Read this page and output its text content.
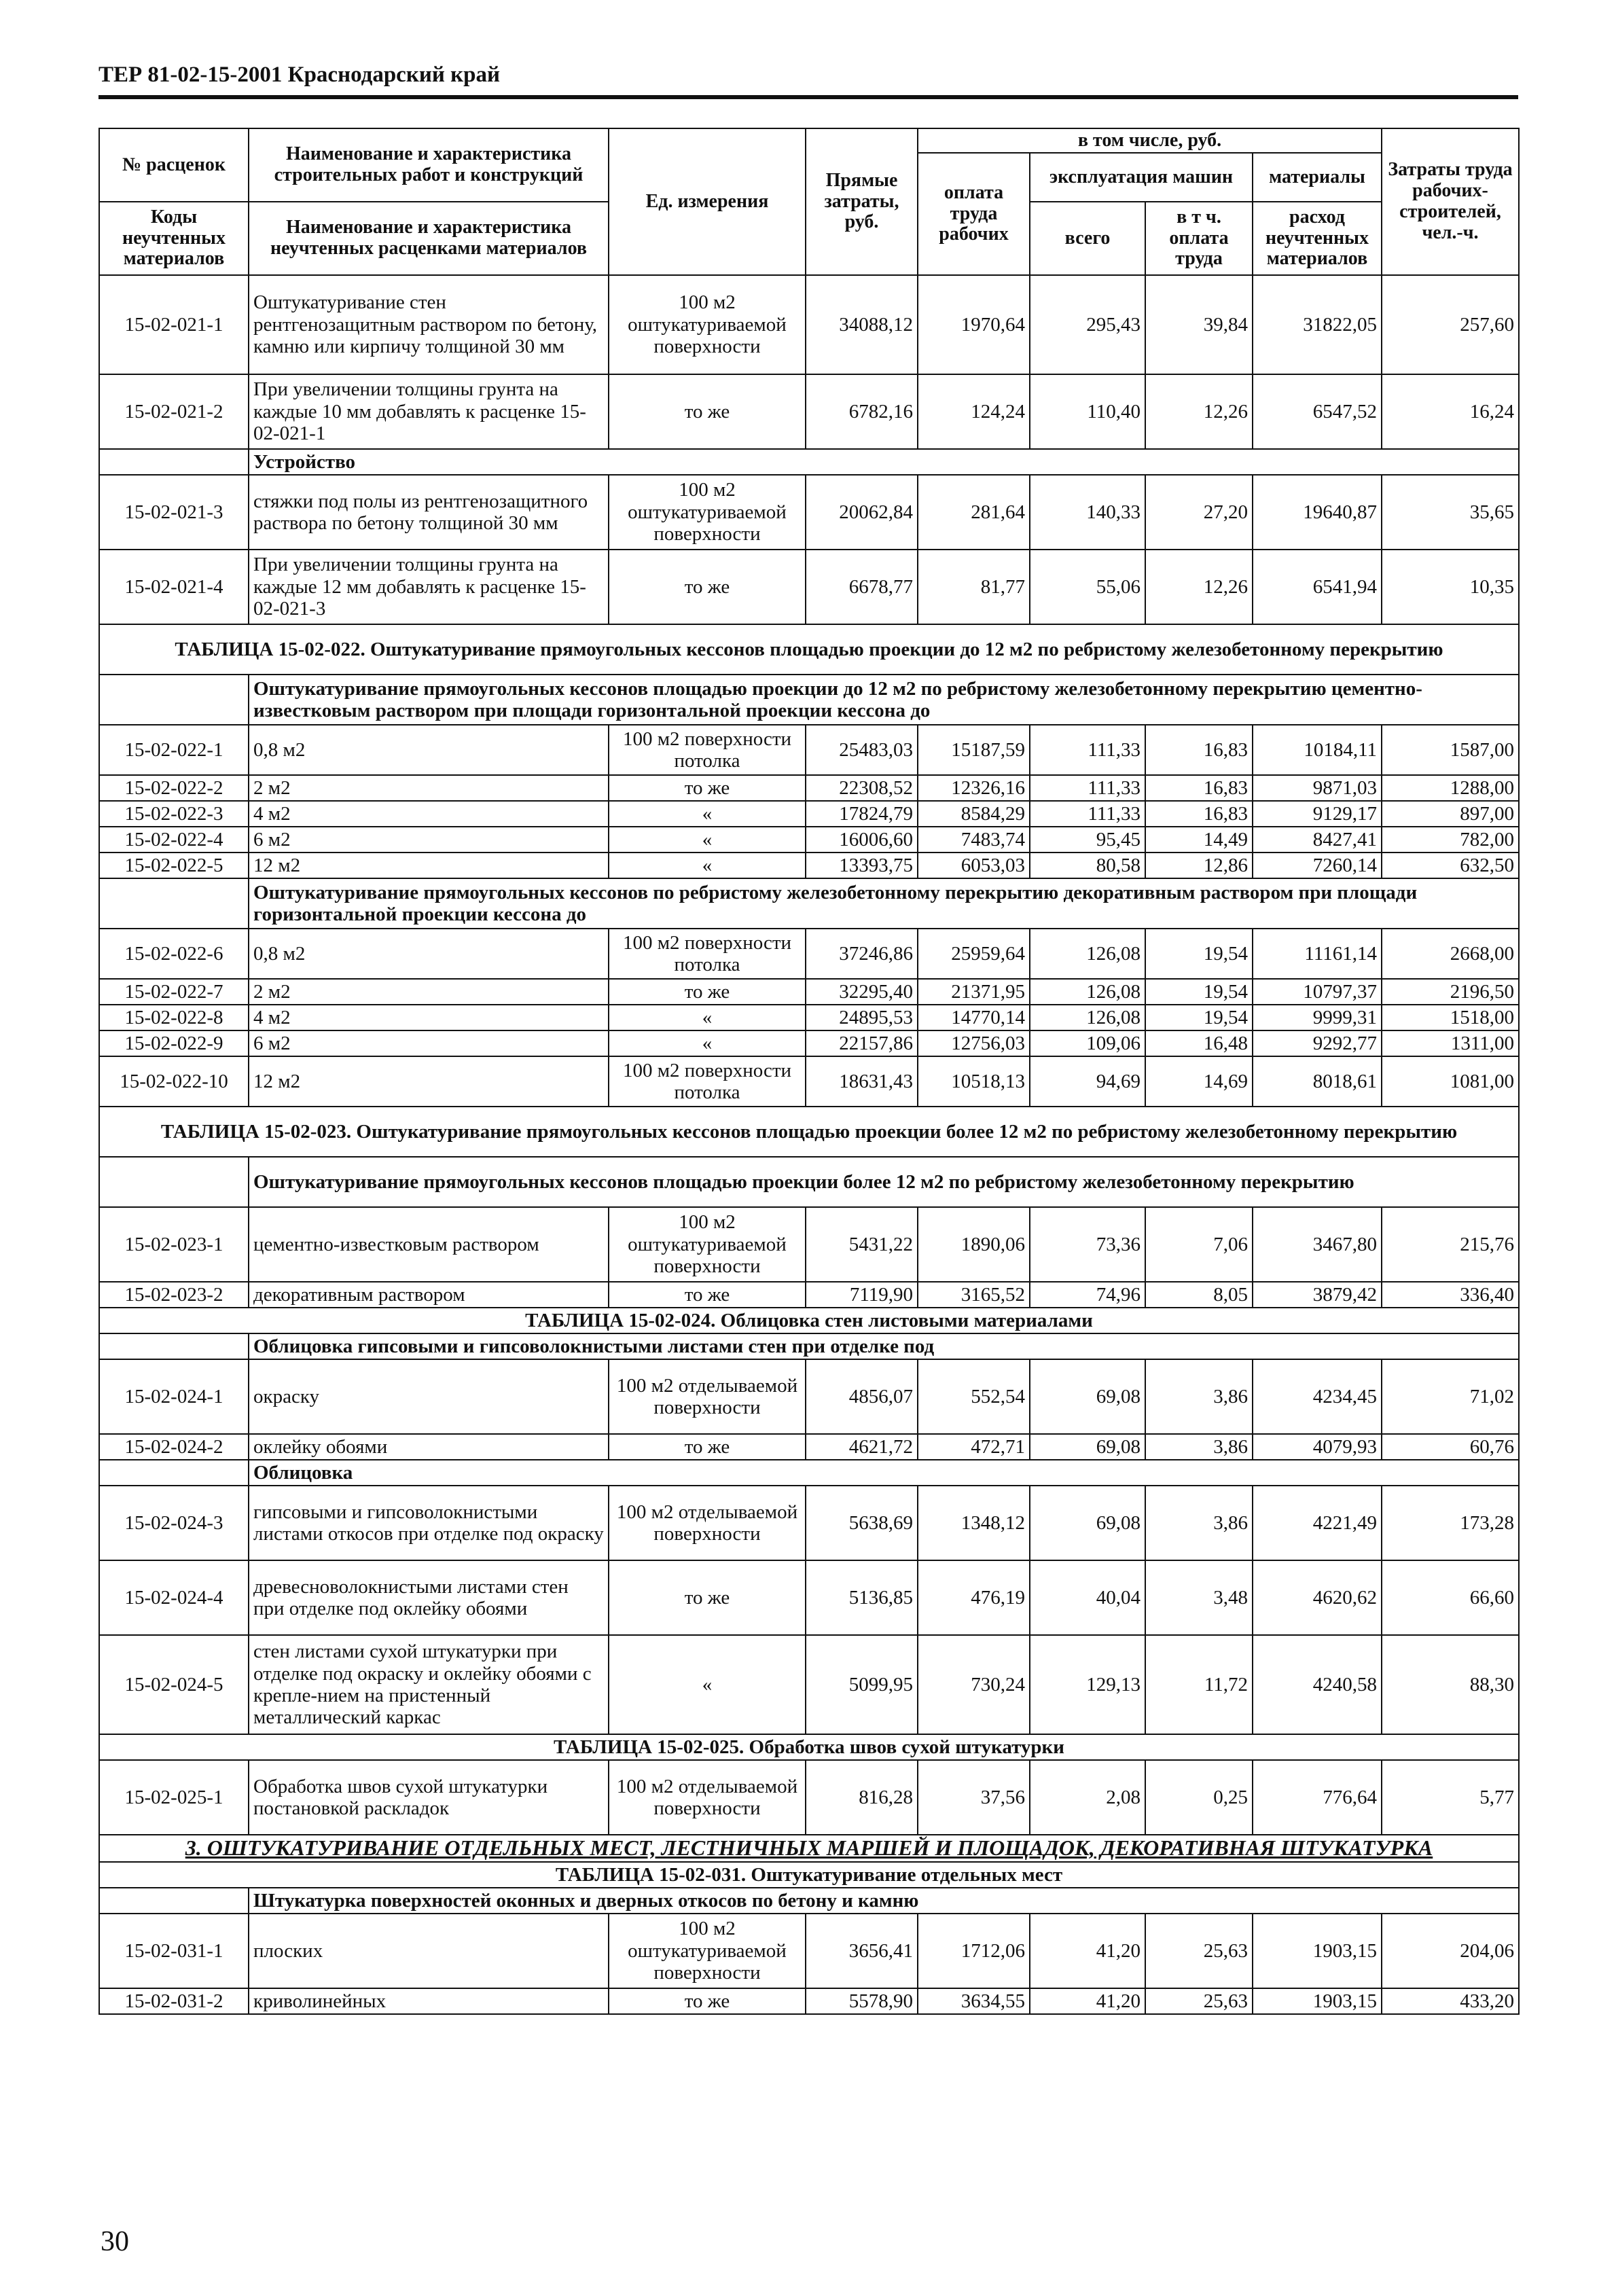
ТЕР 81-02-15-2001 Краснодарский край
№ расценок	Наименование и характеристика строительных работ и конструкций	Ед. измерения	Прямые затраты, руб.	в том числе, руб.				Затраты труда рабочих-строителей, чел.-ч.
				оплата труда рабочих	эксплуатация машин		материалы	

Коды неучтенных материалов	Наименование и характеристика неучтенных расценками материалов				всего	в т ч. оплата труда	расход неучтенных материалов	

15-02-021-1	Оштукатуривание стен рентгенозащитным раствором по бетону, камню или кирпичу толщиной 30 мм	100 м2 оштукатуриваемой поверхности	34088,12	1970,64	295,43	39,84	31822,05	257,60
15-02-021-2	При увеличении толщины грунта на каждые 10 мм добавлять к расценке 15-02-021-1	то же	6782,16	124,24	110,40	12,26	6547,52	16,24
	Устройство							
15-02-021-3	стяжки под полы из рентгенозащитного раствора по бетону толщиной 30 мм	100 м2 оштукатуриваемой поверхности	20062,84	281,64	140,33	27,20	19640,87	35,65
15-02-021-4	При увеличении толщины грунта на каждые 12 мм добавлять к расценке 15-02-021-3	то же	6678,77	81,77	55,06	12,26	6541,94	10,35
ТАБЛИЦА 15-02-022. Оштукатуривание прямоугольных кессонов площадью проекции до 12 м2 по ребристому железобетонному перекрытию								
	Оштукатуривание прямоугольных кессонов площадью проекции до 12 м2 по ребристому железобетонному перекрытию цементно-известковым раствором при площади горизонтальной проекции кессона до							
15-02-022-1	0,8 м2	100 м2 поверхности потолка	25483,03	15187,59	111,33	16,83	10184,11	1587,00
15-02-022-2	2 м2	то же	22308,52	12326,16	111,33	16,83	9871,03	1288,00
15-02-022-3	4 м2	«	17824,79	8584,29	111,33	16,83	9129,17	897,00
15-02-022-4	6 м2	«	16006,60	7483,74	95,45	14,49	8427,41	782,00
15-02-022-5	12 м2	«	13393,75	6053,03	80,58	12,86	7260,14	632,50
	Оштукатуривание прямоугольных кессонов по ребристому железобетонному перекрытию декоративным раствором при площади горизонтальной проекции кессона до							
15-02-022-6	0,8 м2	100 м2 поверхности потолка	37246,86	25959,64	126,08	19,54	11161,14	2668,00
15-02-022-7	2 м2	то же	32295,40	21371,95	126,08	19,54	10797,37	2196,50
15-02-022-8	4 м2	«	24895,53	14770,14	126,08	19,54	9999,31	1518,00
15-02-022-9	6 м2	«	22157,86	12756,03	109,06	16,48	9292,77	1311,00
15-02-022-10	12 м2	100 м2 поверхности потолка	18631,43	10518,13	94,69	14,69	8018,61	1081,00
ТАБЛИЦА 15-02-023. Оштукатуривание прямоугольных кессонов площадью проекции более 12 м2 по ребристому железобетонному перекрытию								
	Оштукатуривание прямоугольных кессонов площадью проекции более 12 м2 по ребристому железобетонному перекрытию							
15-02-023-1	цементно-известковым раствором	100 м2 оштукатуриваемой поверхности	5431,22	1890,06	73,36	7,06	3467,80	215,76
15-02-023-2	декоративным раствором	то же	7119,90	3165,52	74,96	8,05	3879,42	336,40
ТАБЛИЦА 15-02-024. Облицовка стен листовыми материалами								
	Облицовка гипсовыми и гипсоволокнистыми листами стен при отделке под							
15-02-024-1	окраску	100 м2 отделываемой поверхности	4856,07	552,54	69,08	3,86	4234,45	71,02
15-02-024-2	оклейку обоями	то же	4621,72	472,71	69,08	3,86	4079,93	60,76
	Облицовка							
15-02-024-3	гипсовыми и гипсоволокнистыми листами откосов при отделке под окраску	100 м2 отделываемой поверхности	5638,69	1348,12	69,08	3,86	4221,49	173,28
15-02-024-4	древесноволокнистыми листами стен при отделке под оклейку обоями	то же	5136,85	476,19	40,04	3,48	4620,62	66,60
15-02-024-5	стен листами сухой штукатурки при отделке под окраску и оклейку обоями с крепле-нием на пристенный металлический каркас	«	5099,95	730,24	129,13	11,72	4240,58	88,30
ТАБЛИЦА 15-02-025. Обработка швов сухой штукатурки								
15-02-025-1	Обработка швов сухой штукатурки постановкой раскладок	100 м2 отделываемой поверхности	816,28	37,56	2,08	0,25	776,64	5,77
3. ОШТУКАТУРИВАНИЕ ОТДЕЛЬНЫХ МЕСТ, ЛЕСТНИЧНЫХ МАРШЕЙ И ПЛОЩАДОК, ДЕКОРАТИВНАЯ ШТУКАТУРКА								
ТАБЛИЦА 15-02-031. Оштукатуривание отдельных мест								
	Штукатурка поверхностей оконных и дверных откосов по бетону и камню							
15-02-031-1	плоских	100 м2 оштукатуриваемой поверхности	3656,41	1712,06	41,20	25,63	1903,15	204,06
15-02-031-2	криволинейных	то же	5578,90	3634,55	41,20	25,63	1903,15	433,20
30
